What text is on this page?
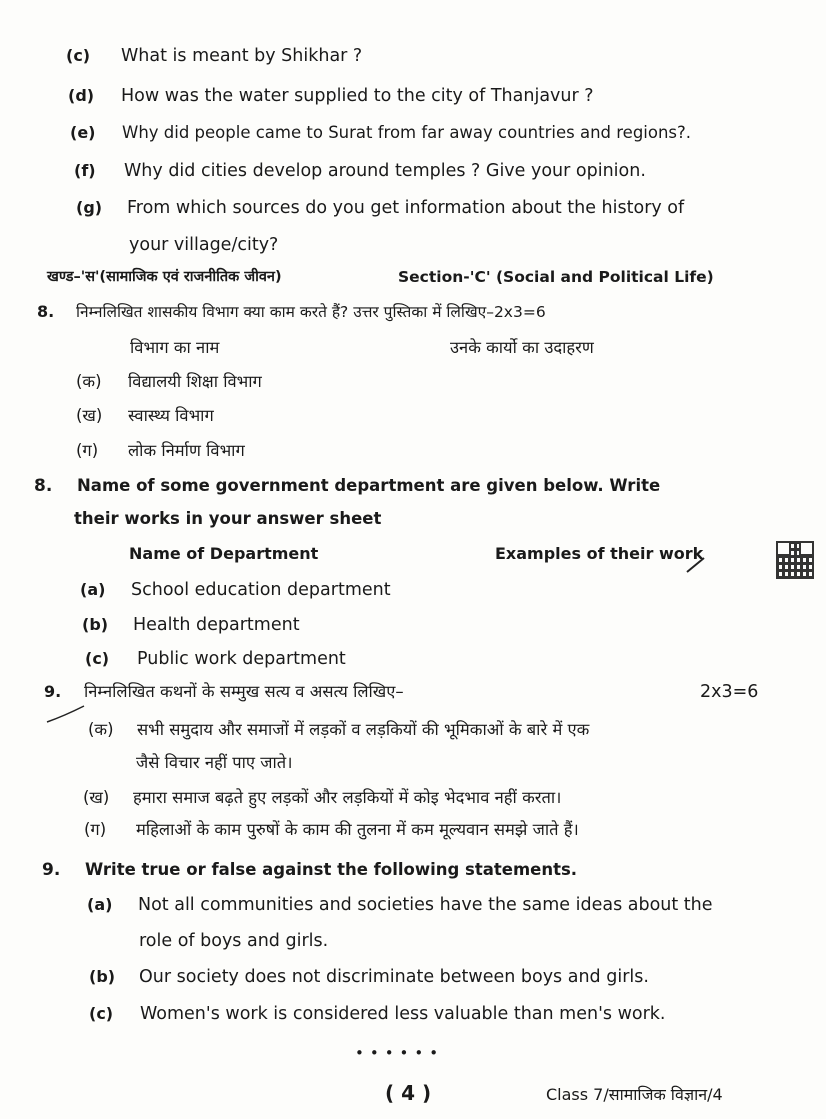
(c) What is meant by Shikhar ?
(d) How was the water supplied to the city of Thanjavur ?
(e) Why did people came to Surat from far away countries and regions?.
(f) Why did cities develop around temples ? Give your opinion.
(g) From which sources do you get information about the history of
your village/city?
खण्ड–'स'(सामाजिक एवं राजनीतिक जीवन)	Section-'C' (Social and Political Life)
8. निम्नलिखित शासकीय विभाग क्या काम करते हैं? उत्तर पुस्तिका में लिखिए–2x3=6
विभाग का नाम	उनके कार्यो का उदाहरण
(क) विद्यालयी शिक्षा विभाग
(ख) स्वास्थ्य विभाग
(ग) लोक निर्माण विभाग
8. Name of some government department are given below. Write
their works in your answer sheet
Name of Department	Examples of their work
(a) School education department
(b) Health department
(c) Public work department
9. निम्नलिखित कथनों के सम्मुख सत्य व असत्य लिखिए–	2x3=6
(क) सभी समुदाय और समाजों में लड़कों व लड़कियों की भूमिकाओं के बारे में एक
जैसे विचार नहीं पाए जाते।
(ख) हमारा समाज बढ़ते हुए लड़कों और लड़कियों में कोइ भेदभाव नहीं करता।
(ग) महिलाओं के काम पुरुषों के काम की तुलना में कम मूल्यवान समझे जाते हैं।
9. Write true or false against the following statements.
(a) Not all communities and societies have the same ideas about the
role of boys and girls.
(b) Our society does not discriminate between boys and girls.
(c) Women's work is considered less valuable than men's work.
••••••
( 4 )	Class 7/सामाजिक विज्ञान/4
